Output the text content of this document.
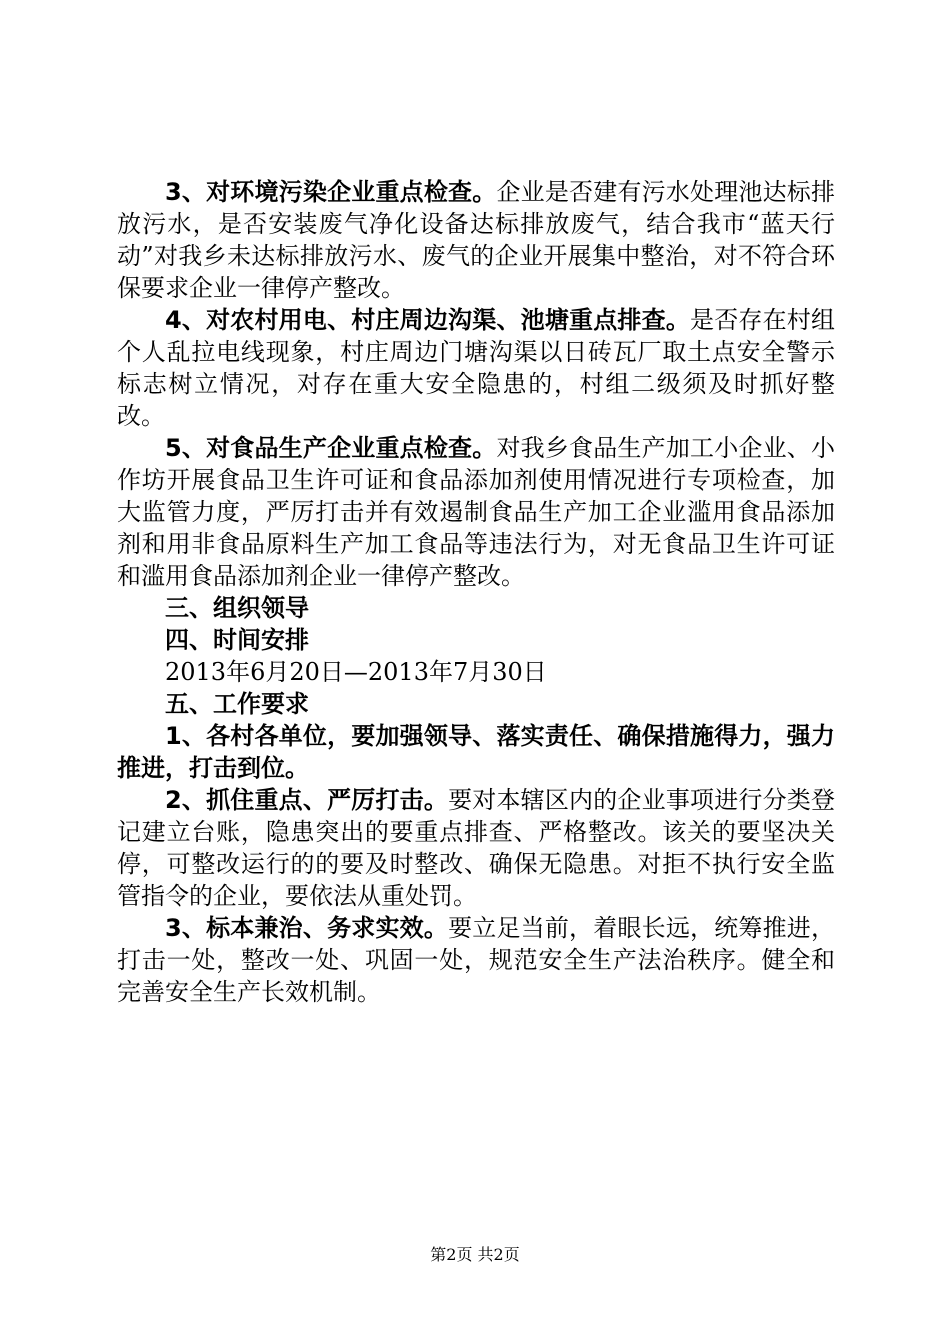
3、对环境污染企业重点检查。企业是否建有污水处理池达标排放污水，是否安装废气净化设备达标排放废气，结合我市“蓝天行动”对我乡未达标排放污水、废气的企业开展集中整治，对不符合环保要求企业一律停产整改。

4、对农村用电、村庄周边沟渠、池塘重点排查。是否存在村组个人乱拉电线现象，村庄周边门塘沟渠以日砖瓦厂取土点安全警示标志树立情况，对存在重大安全隐患的，村组二级须及时抓好整改。

5、对食品生产企业重点检查。对我乡食品生产加工小企业、小作坊开展食品卫生许可证和食品添加剂使用情况进行专项检查，加大监管力度，严厉打击并有效遏制食品生产加工企业滥用食品添加剂和用非食品原料生产加工食品等违法行为，对无食品卫生许可证和滥用食品添加剂企业一律停产整改。

三、组织领导

四、时间安排

2013年6月20日—2013年7月30日

五、工作要求

1、各村各单位，要加强领导、落实责任、确保措施得力，强力推进，打击到位。

2、抓住重点、严厉打击。要对本辖区内的企业事项进行分类登记建立台账，隐患突出的要重点排查、严格整改。该关的要坚决关停，可整改运行的的要及时整改、确保无隐患。对拒不执行安全监管指令的企业，要依法从重处罚。

3、标本兼治、务求实效。要立足当前，着眼长远，统筹推进，打击一处，整改一处、巩固一处，规范安全生产法治秩序。健全和完善安全生产长效机制。

第2页 共2页
